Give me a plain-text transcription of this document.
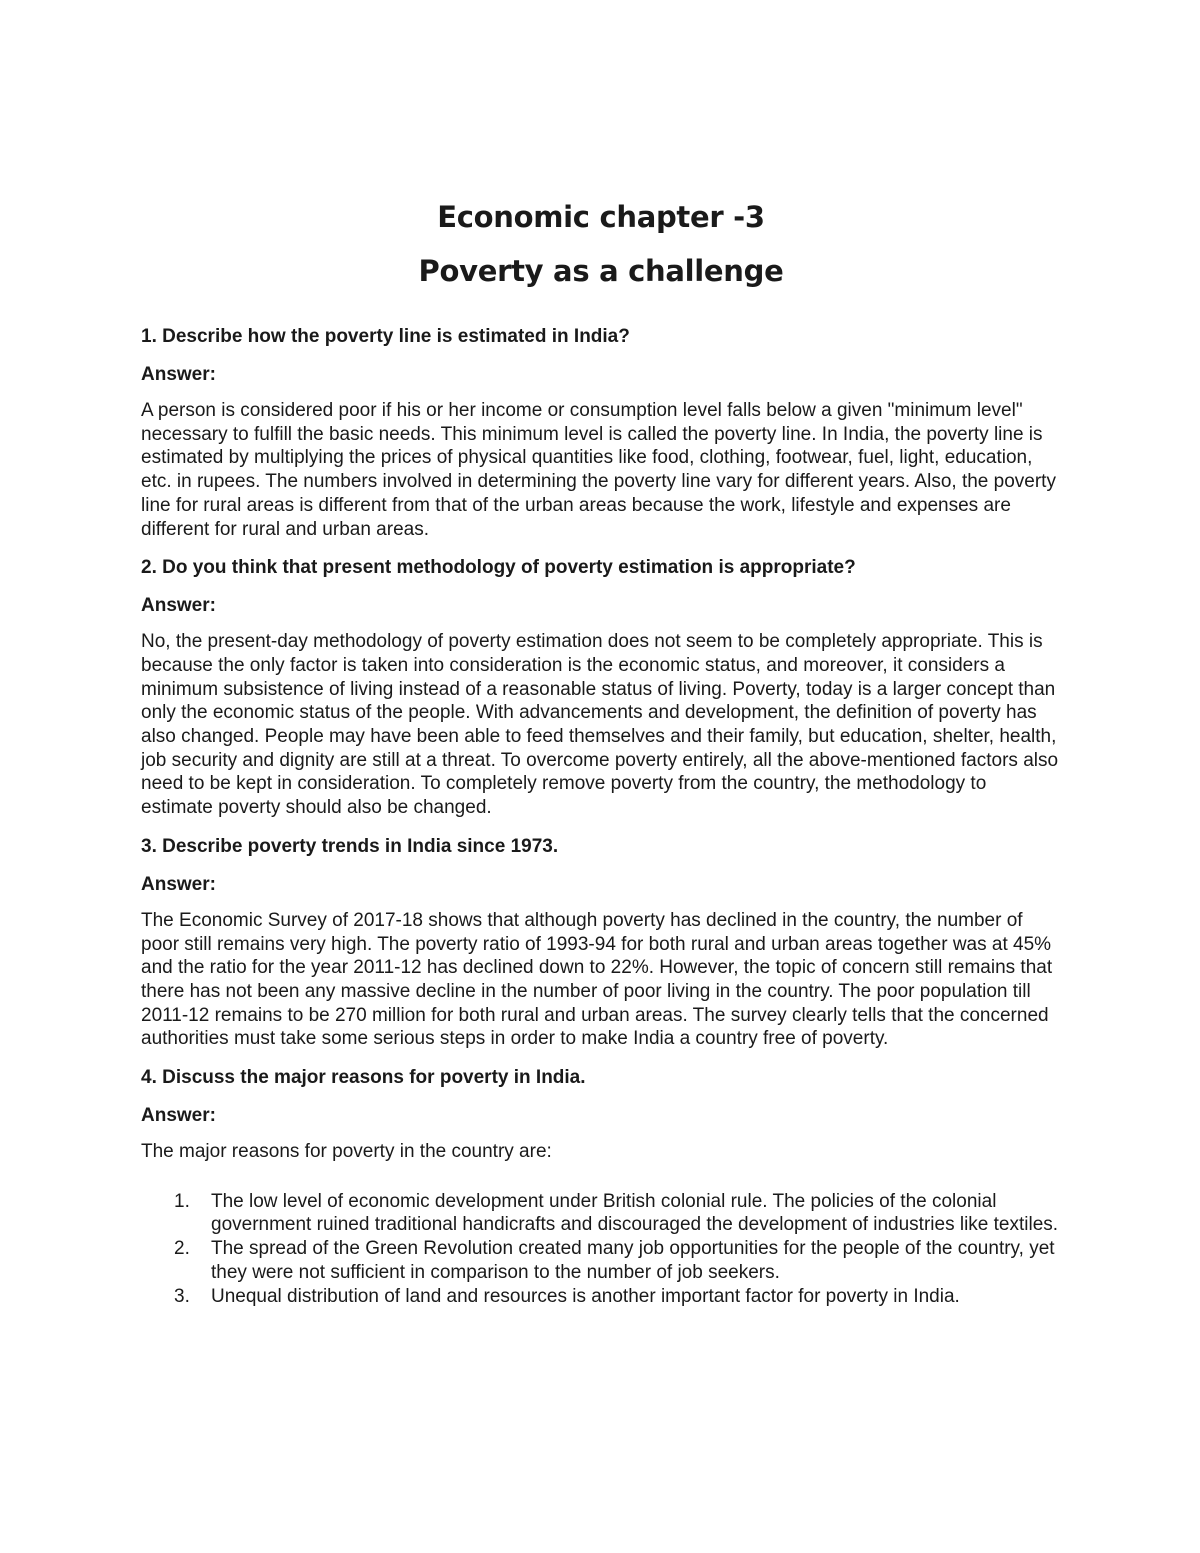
Economic chapter -3
Poverty as a challenge

1. Describe how the poverty line is estimated in India?

Answer:

A person is considered poor if his or her income or consumption level falls below a given "minimum level" necessary to fulfill the basic needs. This minimum level is called the poverty line. In India, the poverty line is estimated by multiplying the prices of physical quantities like food, clothing, footwear, fuel, light, education, etc. in rupees. The numbers involved in determining the poverty line vary for different years. Also, the poverty line for rural areas is different from that of the urban areas because the work, lifestyle and expenses are different for rural and urban areas.

2. Do you think that present methodology of poverty estimation is appropriate?

Answer:

No, the present-day methodology of poverty estimation does not seem to be completely appropriate. This is because the only factor is taken into consideration is the economic status, and moreover, it considers a minimum subsistence of living instead of a reasonable status of living. Poverty, today is a larger concept than only the economic status of the people. With advancements and development, the definition of poverty has also changed. People may have been able to feed themselves and their family, but education, shelter, health, job security and dignity are still at a threat. To overcome poverty entirely, all the above-mentioned factors also need to be kept in consideration. To completely remove poverty from the country, the methodology to estimate poverty should also be changed.

3. Describe poverty trends in India since 1973.

Answer:

The Economic Survey of 2017-18 shows that although poverty has declined in the country, the number of poor still remains very high. The poverty ratio of 1993-94 for both rural and urban areas together was at 45% and the ratio for the year 2011-12 has declined down to 22%. However, the topic of concern still remains that there has not been any massive decline in the number of poor living in the country. The poor population till 2011-12 remains to be 270 million for both rural and urban areas. The survey clearly tells that the concerned authorities must take some serious steps in order to make India a country free of poverty.

4. Discuss the major reasons for poverty in India.

Answer:

The major reasons for poverty in the country are:

1. The low level of economic development under British colonial rule. The policies of the colonial government ruined traditional handicrafts and discouraged the development of industries like textiles.
2. The spread of the Green Revolution created many job opportunities for the people of the country, yet they were not sufficient in comparison to the number of job seekers.
3. Unequal distribution of land and resources is another important factor for poverty in India.
